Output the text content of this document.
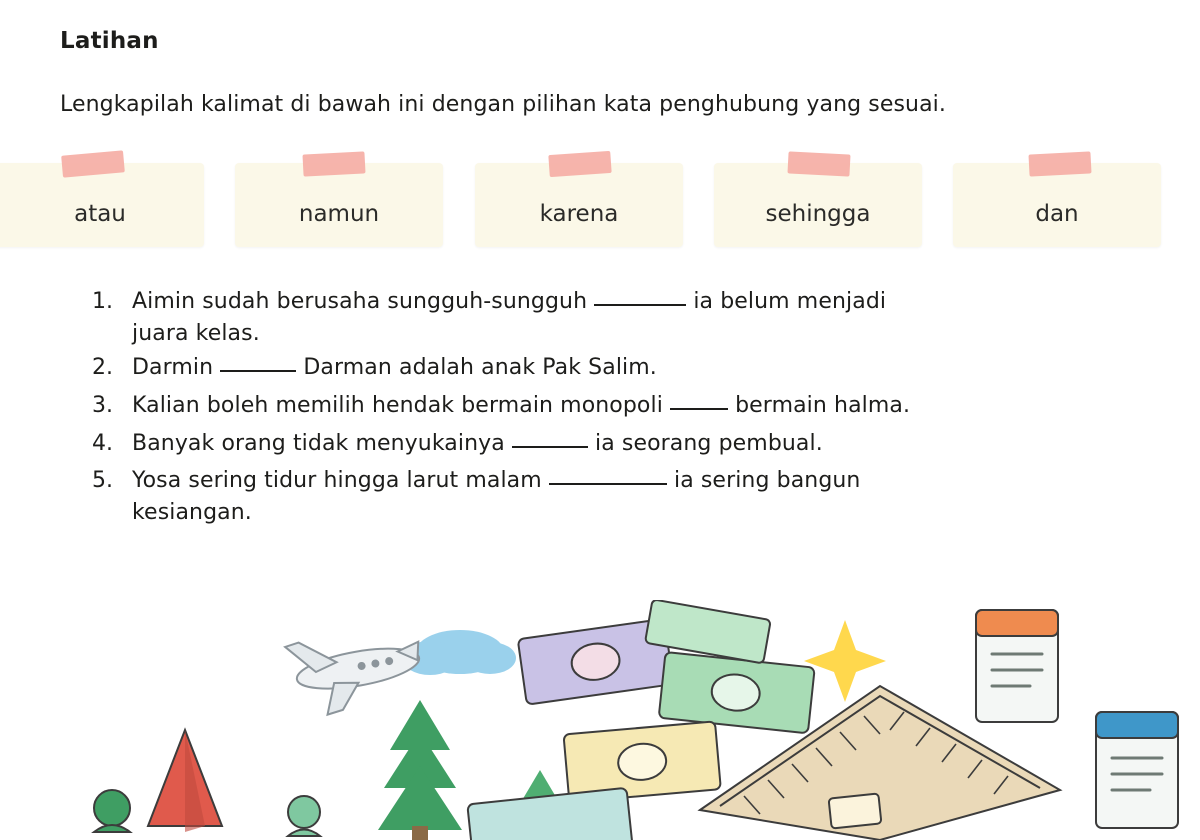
Latihan
Lengkapilah kalimat di bawah ini dengan pilihan kata penghubung yang sesuai.
atau	namun	karena	sehingga	dan
1. Aimin sudah berusaha sungguh-sungguh	ia belum menjadi
juara kelas.
2. Darmin	Darman adalah anak Pak Salim.
3. Kalian boleh memilih hendak bermain monopoli	bermain halma.
4. Banyak orang tidak menyukainya	ia seorang pembual.
5. Yosa sering tidur hingga larut malam	ia sering bangun
kesiangan.
